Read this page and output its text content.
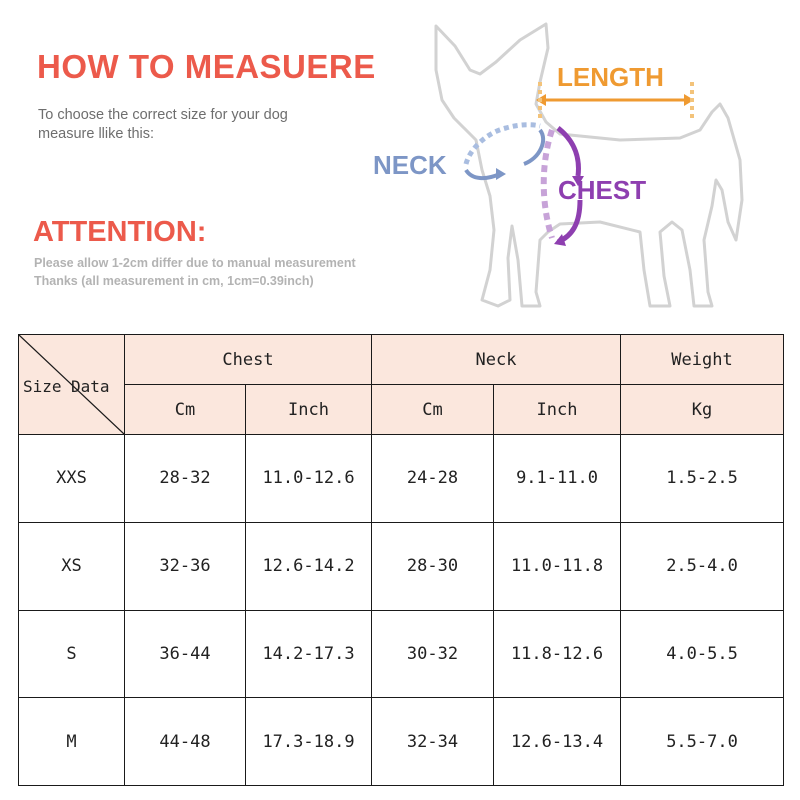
HOW TO MEASUERE
To choose the correct size for your dog
measure llike this:
ATTENTION:
Please allow 1-2cm differ due to manual measurement
Thanks (all measurement in cm, 1cm=0.39inch)
LENGTH
NECK
CHEST
Size Data	Chest		Neck		Weight
	Cm	Inch	Cm	Inch	Kg
XXS	28-32	11.0-12.6	24-28	9.1-11.0	1.5-2.5
XS	32-36	12.6-14.2	28-30	11.0-11.8	2.5-4.0
S	36-44	14.2-17.3	30-32	11.8-12.6	4.0-5.5
M	44-48	17.3-18.9	32-34	12.6-13.4	5.5-7.0
